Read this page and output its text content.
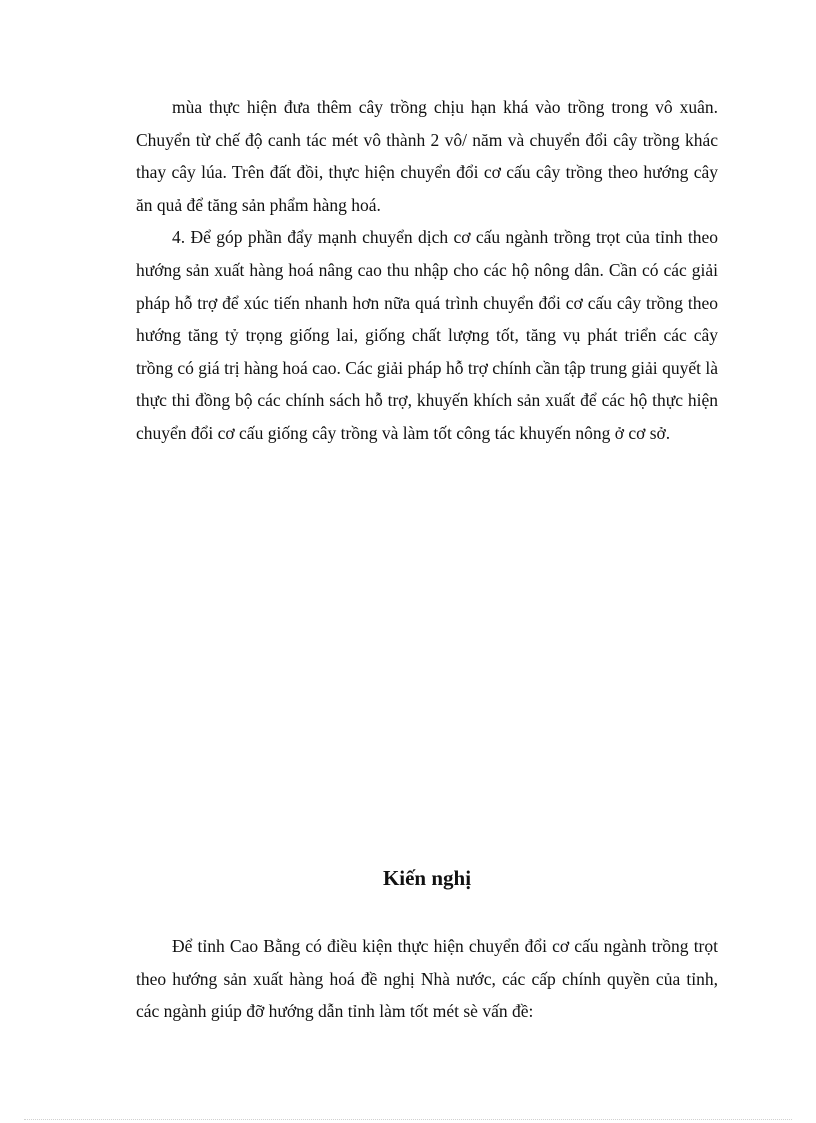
mùa thực hiện đưa thêm cây trồng chịu hạn khá vào trồng trong vô xuân. Chuyển từ chế độ canh tác mét vô thành 2 vô/ năm và chuyển đổi cây trồng khác thay cây lúa. Trên đất đồi, thực hiện chuyển đổi cơ cấu cây trồng theo hướng cây ăn quả để tăng sản phẩm hàng hoá.

4. Để góp phần đẩy mạnh chuyển dịch cơ cấu ngành trồng trọt của tỉnh theo hướng sản xuất hàng hoá nâng cao thu nhập cho các hộ nông dân. Cần có các giải pháp hỗ trợ để xúc tiến nhanh hơn nữa quá trình chuyển đổi cơ cấu cây trồng theo hướng tăng tỷ trọng giống lai, giống chất lượng tốt, tăng vụ phát triển các cây trồng có giá trị hàng hoá cao. Các giải pháp hỗ trợ chính cần tập trung giải quyết là thực thi đồng bộ các chính sách hỗ trợ, khuyến khích sản xuất để các hộ thực hiện chuyển đổi cơ cấu giống cây trồng và làm tốt công tác khuyến nông ở cơ sở.

Kiến nghị

Để tỉnh Cao Bằng có điều kiện thực hiện chuyển đổi cơ cấu ngành trồng trọt theo hướng sản xuất hàng hoá đề nghị Nhà nước, các cấp chính quyền của tỉnh, các ngành giúp đỡ hướng dẫn tỉnh làm tốt mét sè vấn đề:
